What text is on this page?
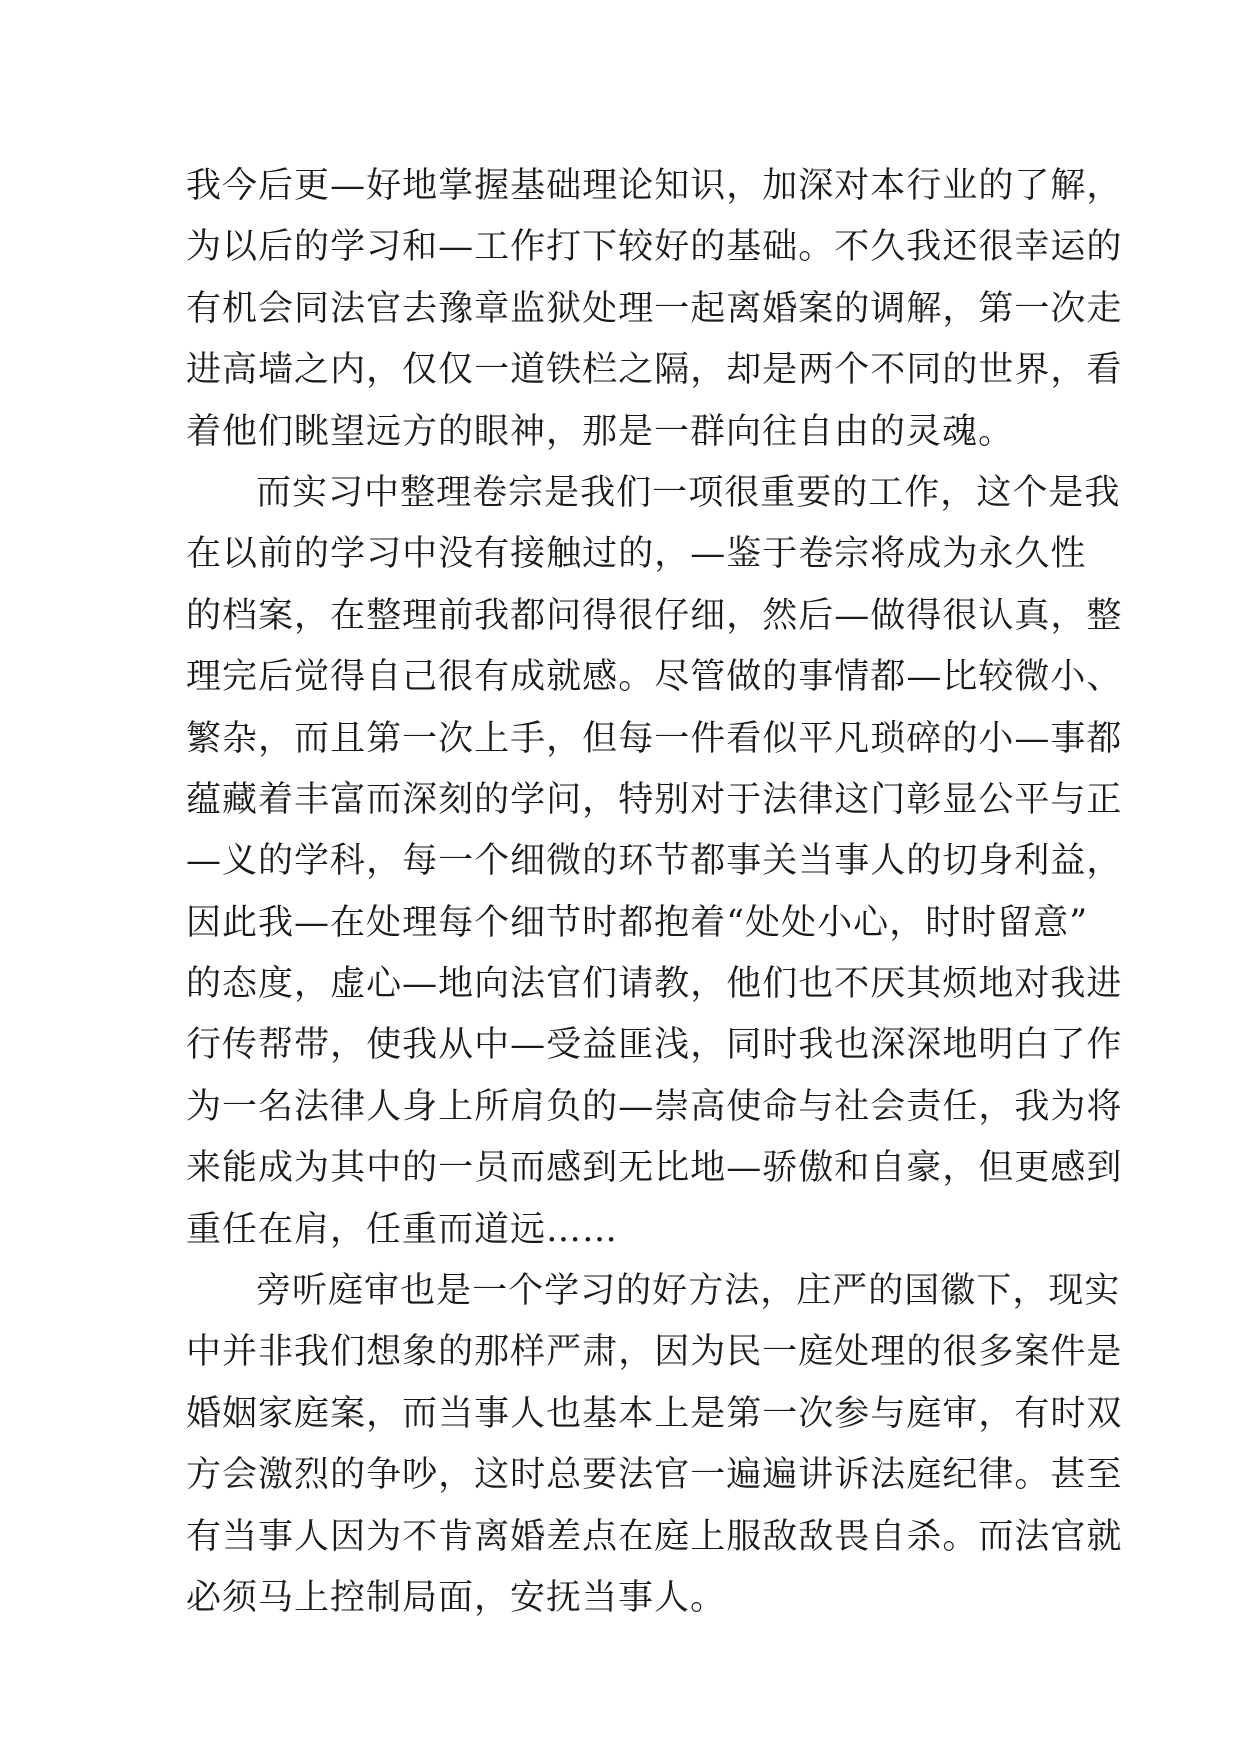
我 今 后 更 — 好 地 掌 握 基 础 理 论 知 识 ， 加 深 对 本 行 业 的 了 解 ，
为 以 后 的 学 习 和 — 工 作 打 下 较 好 的 基 础 。 不 久 我 还 很 幸 运 的
有 机 会 同 法 官 去 豫 章 监 狱 处 理 一 起 离 婚 案 的 调 解 ， 第 一 次 走
进 高 墙 之 内 ， 仅 仅 一 道 铁 栏 之 隔 ， 却 是 两 个 不 同 的 世 界 ， 看
着他们眺望远方的眼神，那是一群向往自由的灵魂。
而 实 习 中 整 理 卷 宗 是 我 们 一 项 很 重 要 的 工 作 ， 这 个 是 我
在 以 前 的 学 习 中 没 有 接 触 过 的 ， — 鉴 于 卷 宗 将 成 为 永 久 性
的 档 案 ， 在 整 理 前 我 都 问 得 很 仔 细 ， 然 后 — 做 得 很 认 真 ， 整
理 完 后 觉 得 自 己 很 有 成 就 感 。 尽 管 做 的 事 情 都 — 比 较 微 小 、
繁 杂 ， 而 且 第 一 次 上 手 ， 但 每 一 件 看 似 平 凡 琐 碎 的 小 — 事 都
蕴 藏 着 丰 富 而 深 刻 的 学 问 ， 特 别 对 于 法 律 这 门 彰 显 公 平 与 正
— 义 的 学 科 ， 每 一 个 细 微 的 环 节 都 事 关 当 事 人 的 切 身 利 益 ，
因 此 我 — 在 处 理 每 个 细 节 时 都 抱 着 “ 处 处 小 心 ， 时 时 留 意 ”
的 态 度 ， 虚 心 — 地 向 法 官 们 请 教 ， 他 们 也 不 厌 其 烦 地 对 我 进
行 传 帮 带 ， 使 我 从 中 — 受 益 匪 浅 ， 同 时 我 也 深 深 地 明 白 了 作
为 一 名 法 律 人 身 上 所 肩 负 的 — 崇 高 使 命 与 社 会 责 任 ， 我 为 将
来 能 成 为 其 中 的 一 员 而 感 到 无 比 地 — 骄 傲 和 自 豪 ， 但 更 感 到
重任在肩，任重而道远……
旁 听 庭 审 也 是 一 个 学 习 的 好 方 法 ， 庄 严 的 国 徽 下 ， 现 实
中 并 非 我 们 想 象 的 那 样 严 肃 ， 因 为 民 一 庭 处 理 的 很 多 案 件 是
婚 姻 家 庭 案 ， 而 当 事 人 也 基 本 上 是 第 一 次 参 与 庭 审 ， 有 时 双
方 会 激 烈 的 争 吵 ， 这 时 总 要 法 官 一 遍 遍 讲 诉 法 庭 纪 律 。 甚 至
有 当 事 人 因 为 不 肯 离 婚 差 点 在 庭 上 服 敌 敌 畏 自 杀 。 而 法 官 就
必须马上控制局面，安抚当事人。
